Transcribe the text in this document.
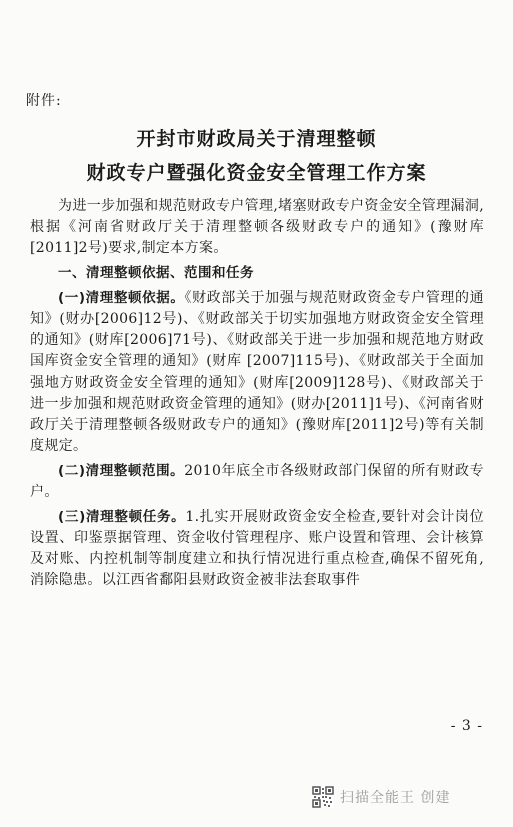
附件:
开封市财政局关于清理整顿
财政专户暨强化资金安全管理工作方案

为进一步加强和规范财政专户管理,堵塞财政专户资金安全管理漏洞, 根据《河南省财政厅关于清理整顿各级财政专户的通知》(豫财库[2011]2号)要求,制定本方案。

一、清理整顿依据、范围和任务

(一)清理整顿依据。《财政部关于加强与规范财政资金专户管理的通知》(财办[2006]12号)、《财政部关于切实加强地方财政资金安全管理的通知》(财库[2006]71号)、《财政部关于进一步加强和规范地方财政国库资金安全管理的通知》(财库 [2007]115号)、《财政部关于全面加强地方财政资金安全管理的通知》(财库[2009]128号)、《财政部关于进一步加强和规范财政资金管理的通知》(财办[2011]1号)、《河南省财政厅关于清理整顿各级财政专户的通知》(豫财库[2011]2号)等有关制度规定。

(二)清理整顿范围。2010年底全市各级财政部门保留的所有财政专户。

(三)清理整顿任务。1.扎实开展财政资金安全检查,要针对会计岗位设置、印鉴票据管理、资金收付管理程序、账户设置和管理、会计核算及对账、内控机制等制度建立和执行情况进行重点检查,确保不留死角,消除隐患。以江西省鄱阳县财政资金被非法套取事件

- 3 -
扫描全能王 创建
